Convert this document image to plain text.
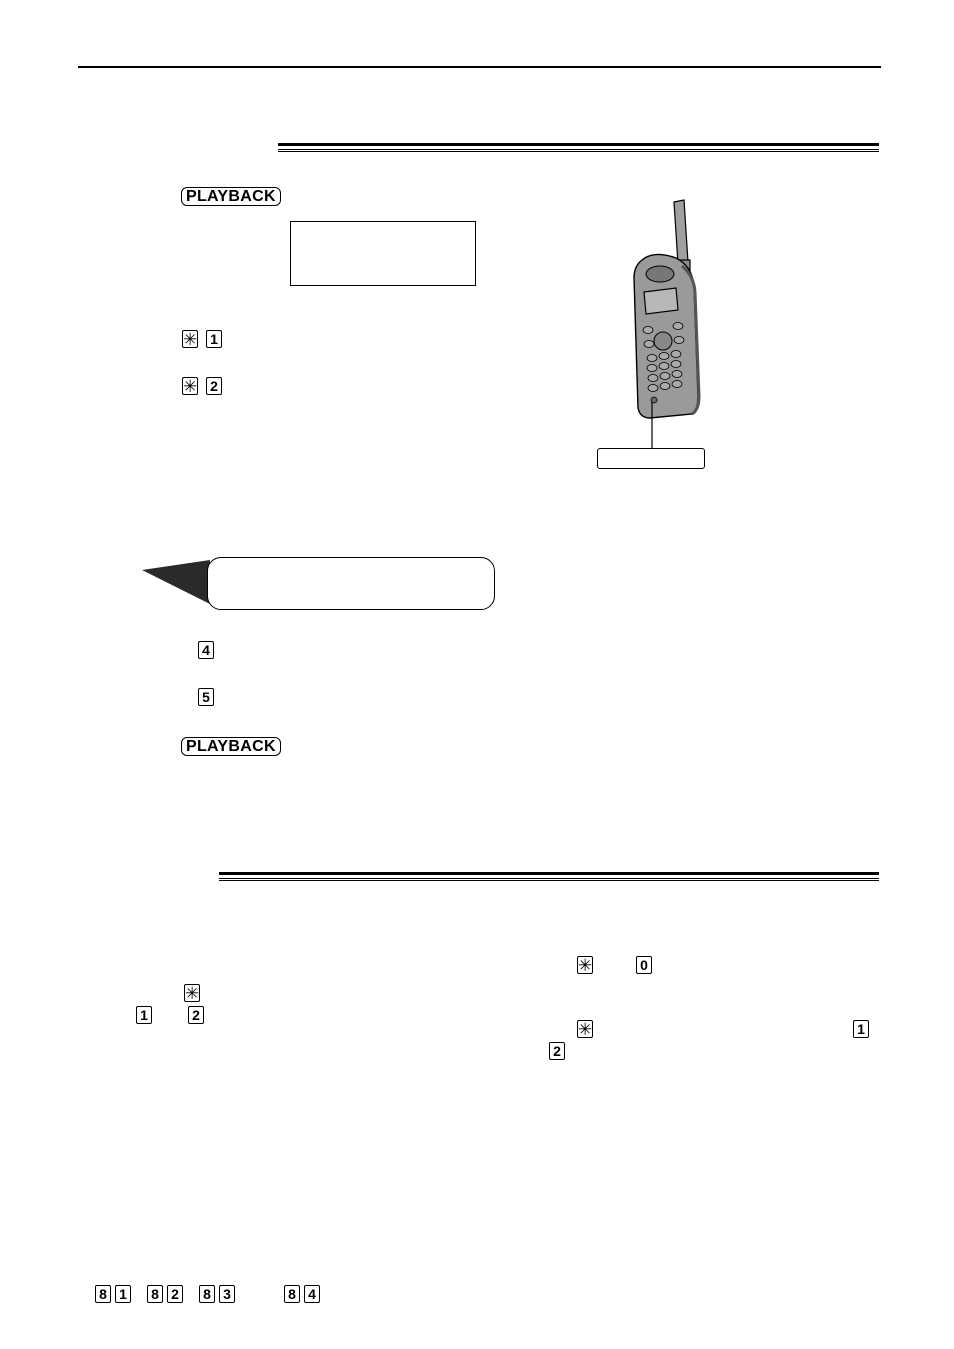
PLAYBACK
✳ 1
✳ 2
4
5
PLAYBACK
✳
1	2
✳	0
✳	1
2
8 1 8 2 8 3	8 4
